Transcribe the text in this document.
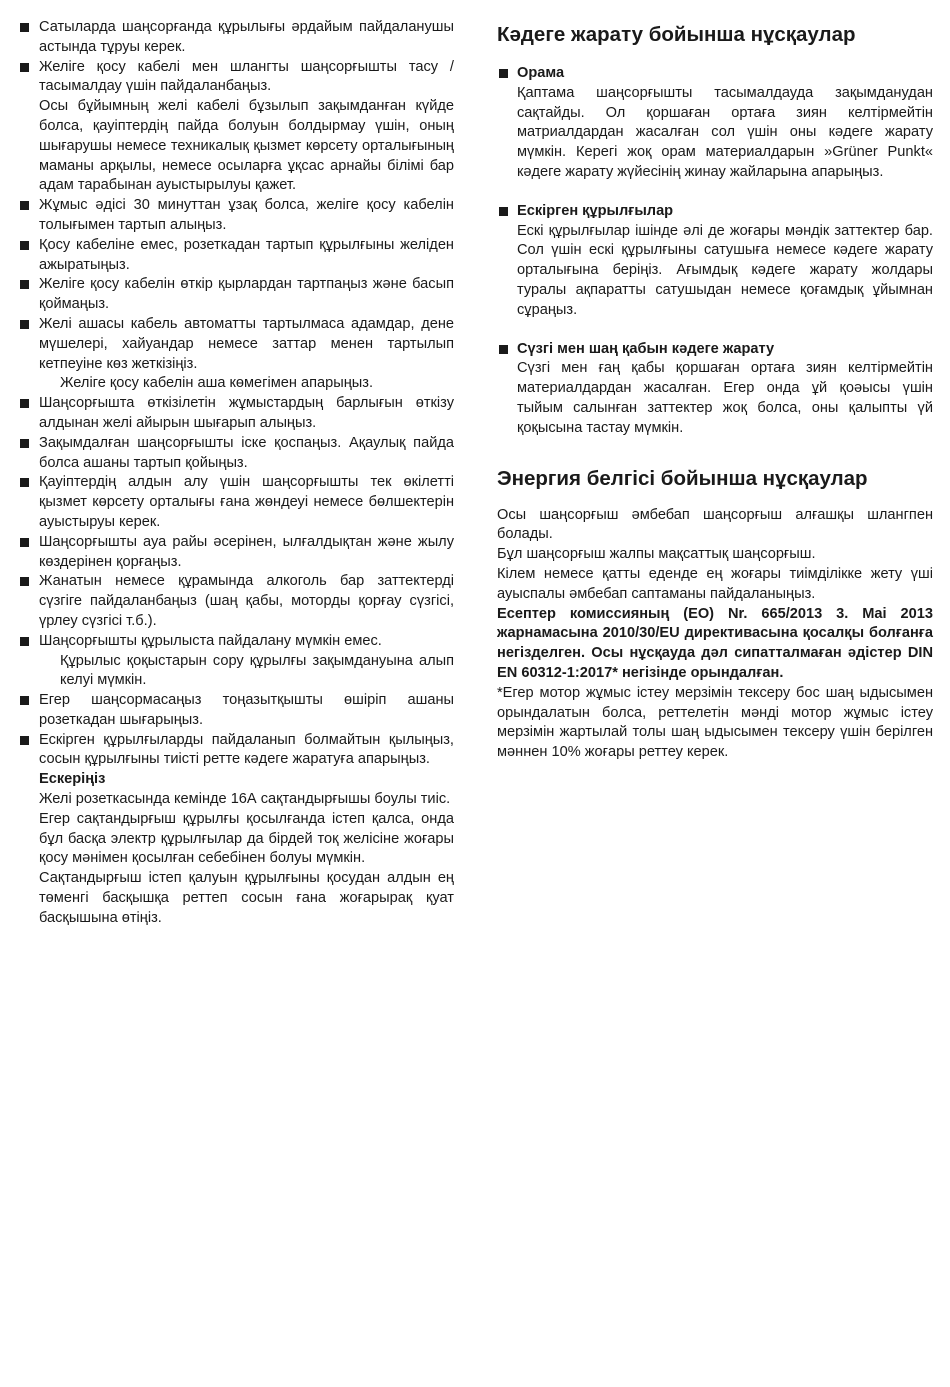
Сатыларда шаңсорғанда құрылығы әрдайым пайдаланушы астында тұруы керек.

Желіге қосу кабелі мен шлангты шаңсорғышты тасу / тасымалдау үшін пайдаланбаңыз.

Осы бұйымның желі кабелі бұзылып зақымданған күйде болса, қауіптердің пайда болуын болдырмау үшін, оның шығарушы немесе техникалық қызмет көрсету орталығының маманы арқылы, немесе осыларға ұқсас арнайы білімі бар адам тарабынан ауыстырылуы қажет.

Жұмыс әдісі 30 минуттан ұзақ болса, желіге қосу кабелін толығымен тартып алыңыз.

Қосу кабеліне емес, розеткадан тартып құрылғыны желіден ажыратыңыз.

Желіге қосу кабелін өткір қырлардан тартпаңыз және басып қоймаңыз.

Желі ашасы кабель автоматты тартылмаса адамдар, дене мүшелері, хайуандар немесе заттар менен тартылып кетпеуіне көз жеткізіңіз.

Желіге қосу кабелін аша көмегімен апарыңыз.

Шаңсорғышта өткізілетін жұмыстардың барлығын өткізу алдынан желі айырын шығарып алыңыз.

Зақымдалған шаңсорғышты іске қоспаңыз. Ақаулық пайда болса ашаны тартып қойыңыз.

Қауіптердің алдын алу үшін шаңсорғышты тек өкілетті қызмет көрсету орталығы ғана жөндеуі немесе бөлшектерін ауыстыруы керек.

Шаңсорғышты ауа райы әсерінен, ылғалдықтан және жылу көздерінен қорғаңыз.

Жанатын немесе құрамында алкоголь бар заттектерді сүзгіге пайдаланбаңыз (шаң қабы, моторды қорғау сүзгісі, үрлеу сүзгісі т.б.).

Шаңсорғышты құрылыста пайдалану мүмкін емес.

Құрылыс қоқыстарын сору құрылғы зақымдануына алып келуі мүмкін.

Егер шаңсормасаңыз тоңазытқышты өшіріп ашаны розеткадан шығарыңыз.

Ескірген құрылғыларды пайдаланып болмайтын қылыңыз, сосын құрылғыны тиісті ретте кәдеге жаратуға апарыңыз.

Ескеріңіз

Желі розеткасында кемінде 16А сақтандырғышы боулы тиіс.

Егер сақтандырғыш құрылғы қосылғанда істеп қалса, онда бұл басқа электр құрылғылар да бірдей тоқ желісіне жоғары қосу мәнімен қосылған себебінен болуы мүмкін.

Сақтандырғыш істеп қалуын құрылғыны қосудан алдын ең төменгі басқышқа реттеп сосын ғана жоғарырақ қуат басқышына өтіңіз.

Кәдеге жарату бойынша нұсқаулар

Орама

Қаптама шаңсорғышты тасымалдауда зақымданудан сақтайды. Ол қоршаған ортаға зиян келтірмейтін матриалдардан жасалған сол үшін оны кәдеге жарату мүмкін. Керегі жоқ орам материалдарын »Grüner Punkt« кәдеге жарату жүйесінің жинау жайларына апарыңыз.

Ескірген құрылғылар

Ескі құрылғылар ішінде әлі де жоғары мәндік заттектер бар. Сол үшін ескі құрылғыны сатушыға немесе кәдеге жарату орталығына беріңіз. Ағымдық кәдеге жарату жолдары туралы ақпаратты сатушыдан немесе қоғамдық ұйымнан сұраңыз.

Сүзгі мен шаң қабын кәдеге жарату

Сүзгі мен ғаң қабы қоршаған ортаға зиян келтірмейтін материалдардан жасалған. Егер онда ұй қоәысы үшін тыйым салынған заттектер жоқ болса, оны қалыпты үй қоқысына тастау мүмкін.

Энергия белгісі бойынша нұсқаулар

Осы шаңсорғыш әмбебап шаңсорғыш алғашқы шлангпен болады.

Бұл шаңсорғыш жалпы мақсаттық шаңсорғыш.

Кілем немесе қатты еденде ең жоғары тиімділікке жету үші ауыспалы әмбебап саптаманы пайдаланыңыз.

Есептер комиссияның (ЕО) Nr. 665/2013 3. Mai 2013 жарнамасына 2010/30/EU директивасына қосалқы болғанға негізделген. Осы нұсқауда дәл сипатталмаған әдістер DIN EN 60312-1:2017* негізінде орындалған.

*Егер мотор жұмыс істеу мерзімін тексеру бос шаң ыдысымен орындалатын болса, реттелетін мәнді мотор жұмыс істеу мерзімін жартылай толы шаң ыдысымен тексеру үшін берілген мәннен 10% жоғары реттеу керек.
